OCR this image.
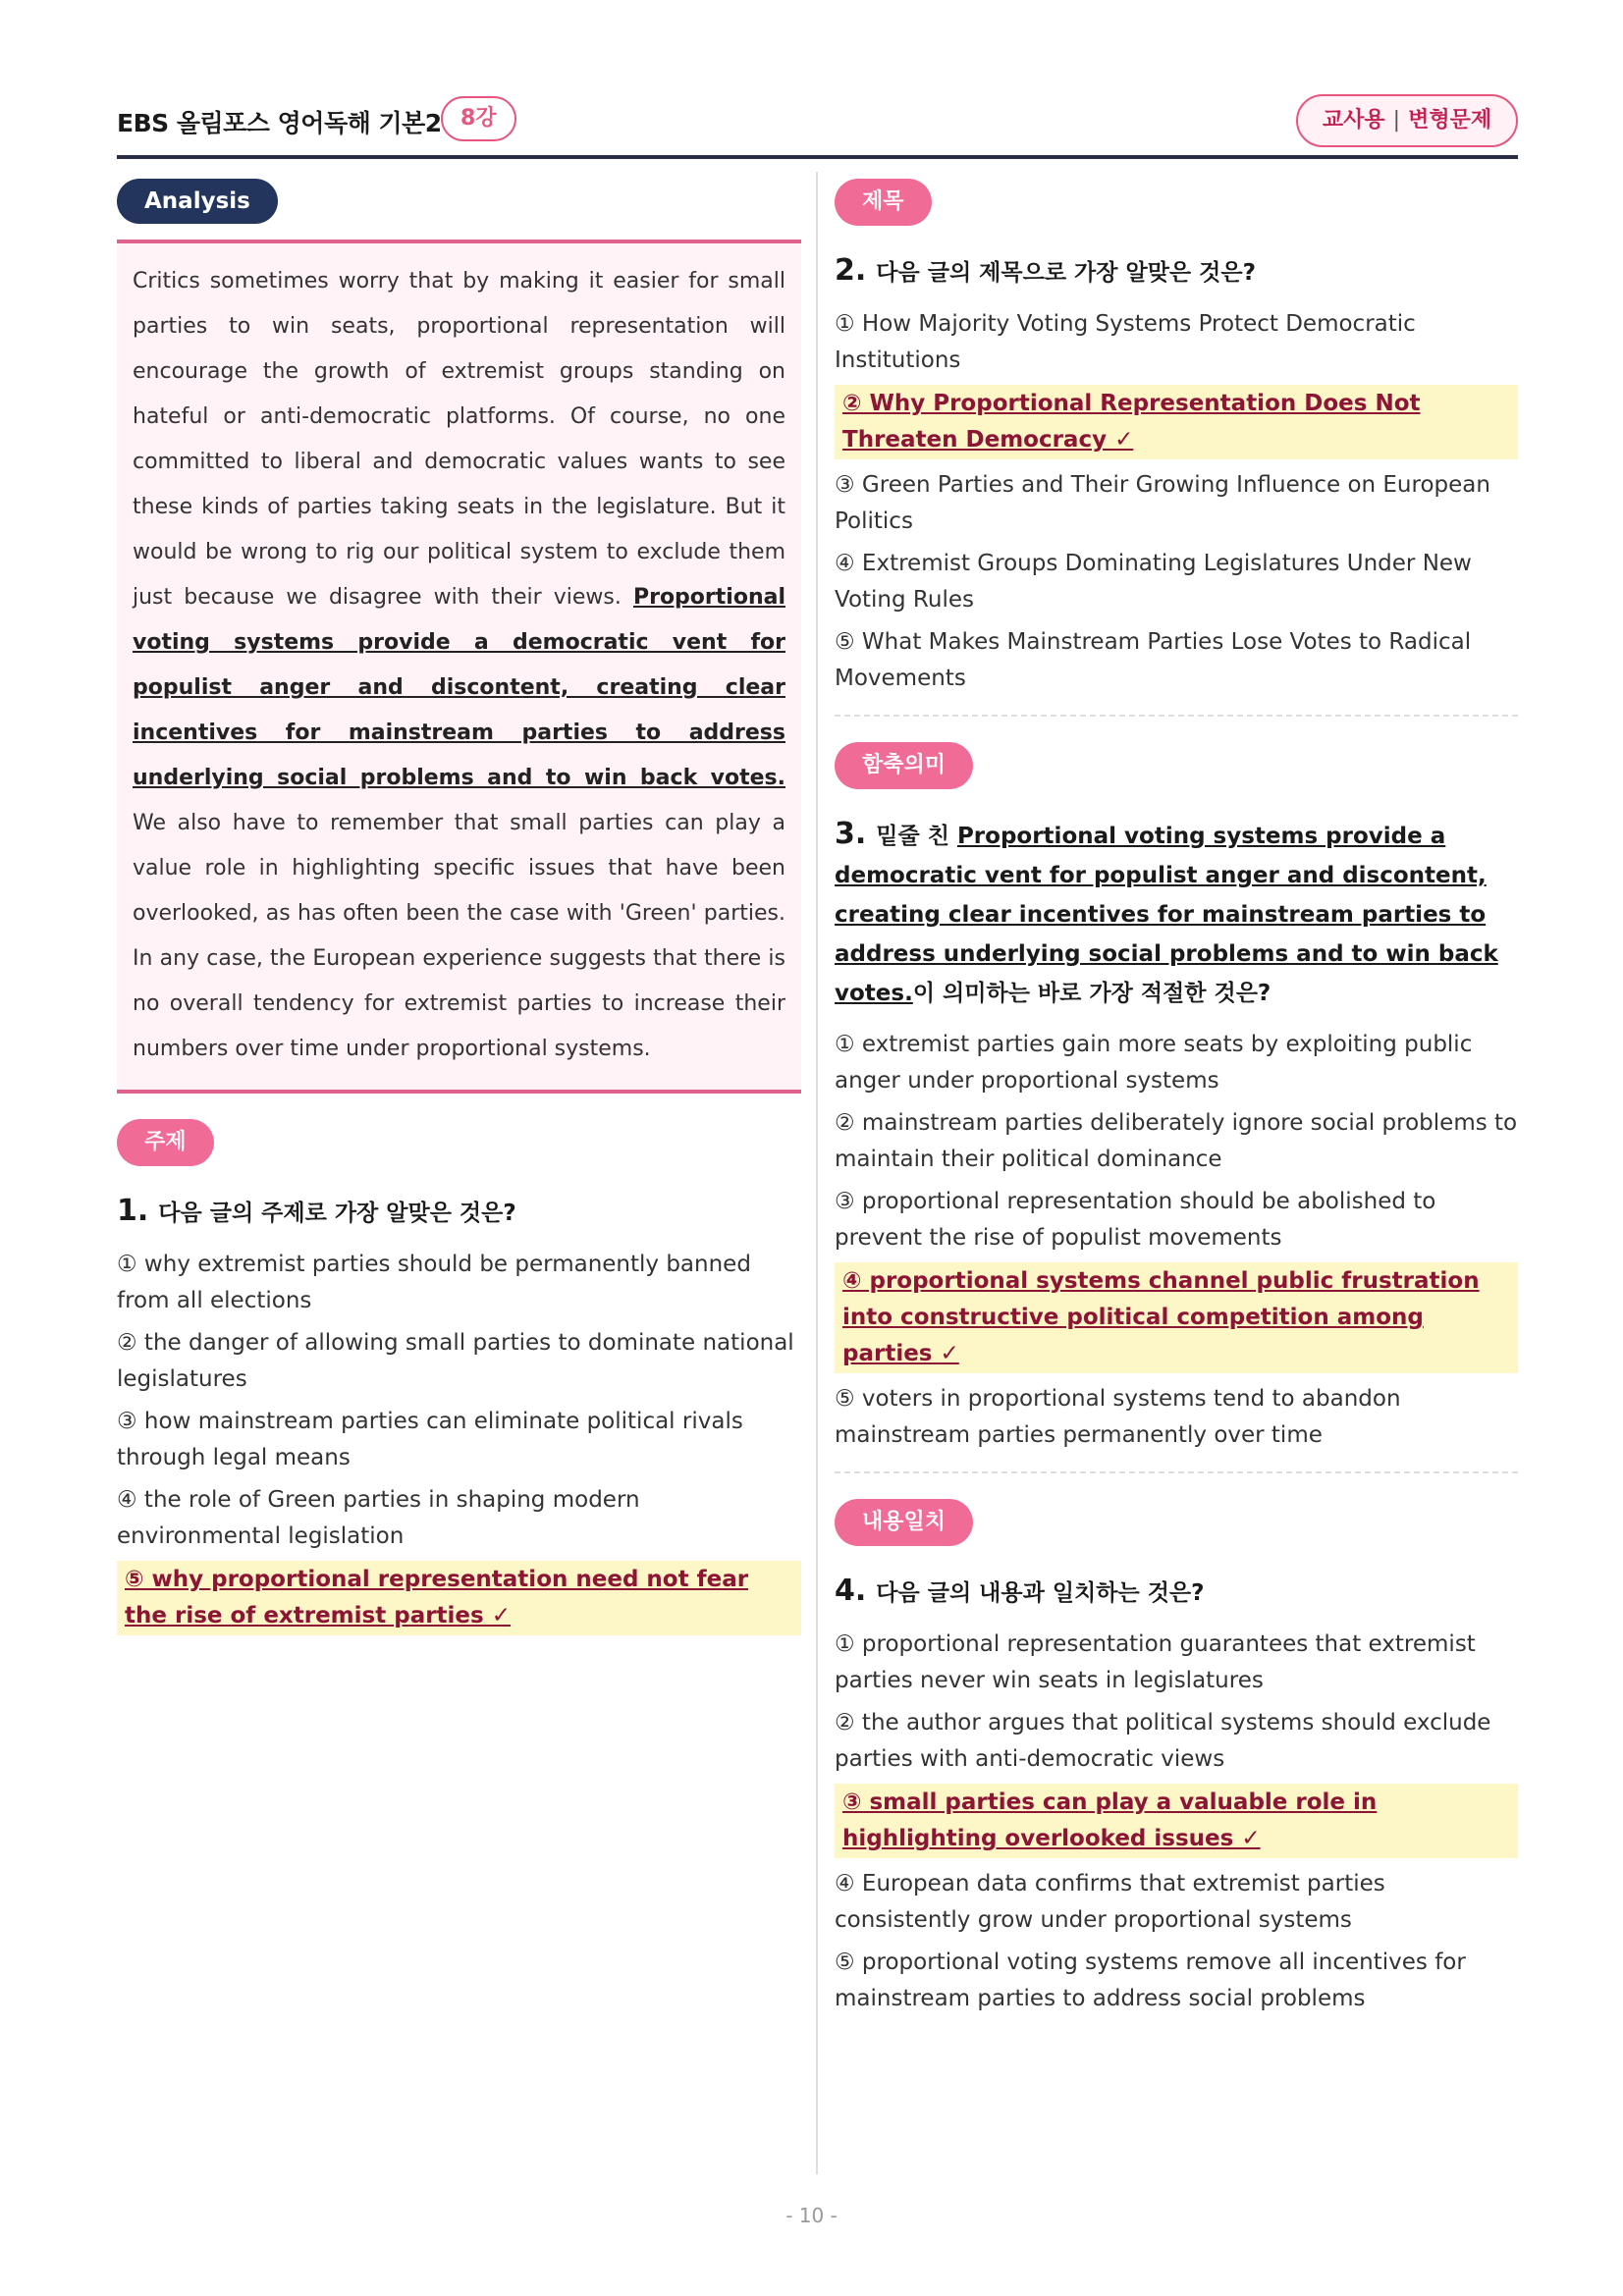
EBS 올림포스 영어독해 기본2 8강	교사용 | 변형문제
Analysis

Critics sometimes worry that by making it easier for small parties to win seats, proportional representation will encourage the growth of extremist groups standing on hateful or anti-democratic platforms. Of course, no one committed to liberal and democratic values wants to see these kinds of parties taking seats in the legislature. But it would be wrong to rig our political system to exclude them just because we disagree with their views. Proportional voting systems provide a democratic vent for populist anger and discontent, creating clear incentives for mainstream parties to address underlying social problems and to win back votes. We also have to remember that small parties can play a value role in highlighting specific issues that have been overlooked, as has often been the case with 'Green' parties. In any case, the European experience suggests that there is no overall tendency for extremist parties to increase their numbers over time under proportional systems.

주제
1. 다음 글의 주제로 가장 알맞은 것은?
① why extremist parties should be permanently banned from all elections
② the danger of allowing small parties to dominate national legislatures
③ how mainstream parties can eliminate political rivals through legal means
④ the role of Green parties in shaping modern environmental legislation
⑤ why proportional representation need not fear the rise of extremist parties ✓
제목
2. 다음 글의 제목으로 가장 알맞은 것은?
① How Majority Voting Systems Protect Democratic Institutions
② Why Proportional Representation Does Not Threaten Democracy ✓
③ Green Parties and Their Growing Influence on European Politics
④ Extremist Groups Dominating Legislatures Under New Voting Rules
⑤ What Makes Mainstream Parties Lose Votes to Radical Movements
함축의미
3. 밑줄 친 Proportional voting systems provide a democratic vent for populist anger and discontent, creating clear incentives for mainstream parties to address underlying social problems and to win back votes.이 의미하는 바로 가장 적절한 것은?
① extremist parties gain more seats by exploiting public anger under proportional systems
② mainstream parties deliberately ignore social problems to maintain their political dominance
③ proportional representation should be abolished to prevent the rise of populist movements
④ proportional systems channel public frustration into constructive political competition among parties ✓
⑤ voters in proportional systems tend to abandon mainstream parties permanently over time
내용일치
4. 다음 글의 내용과 일치하는 것은?
① proportional representation guarantees that extremist parties never win seats in legislatures
② the author argues that political systems should exclude parties with anti-democratic views
③ small parties can play a valuable role in highlighting overlooked issues ✓
④ European data confirms that extremist parties consistently grow under proportional systems
⑤ proportional voting systems remove all incentives for mainstream parties to address social problems
- 10 -
